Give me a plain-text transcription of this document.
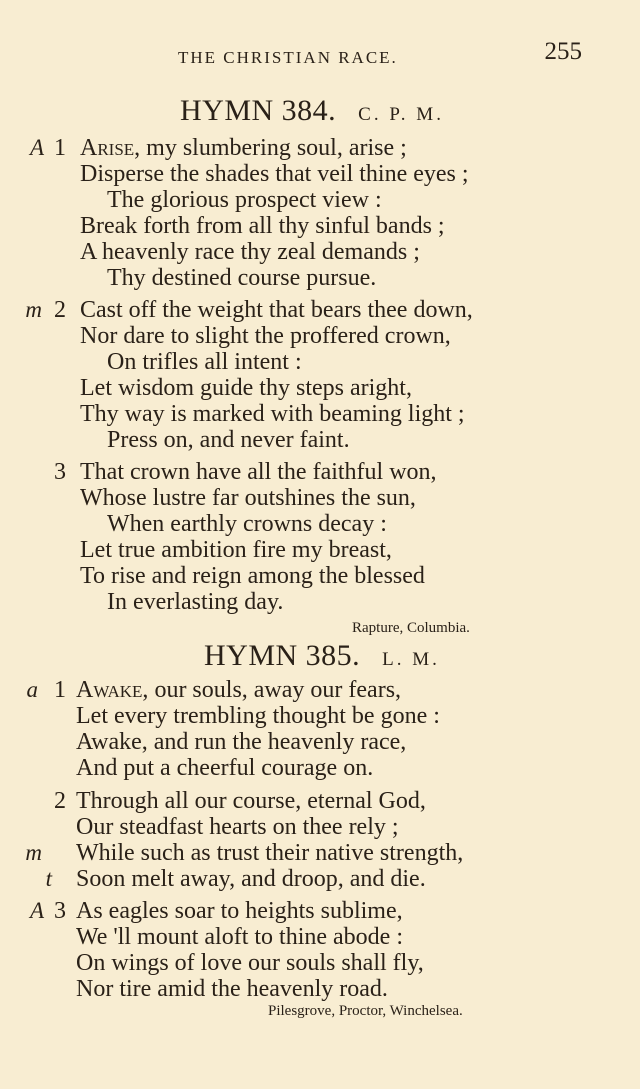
THE CHRISTIAN RACE.	255
HYMN 384. C. P. M.
A 1 Arise, my slumbering soul, arise ;
Disperse the shades that veil thine eyes ;
The glorious prospect view :
Break forth from all thy sinful bands ;
A heavenly race thy zeal demands ;
Thy destined course pursue.
m 2 Cast off the weight that bears thee down,
Nor dare to slight the proffered crown,
On trifles all intent :
Let wisdom guide thy steps aright,
Thy way is marked with beaming light ;
Press on, and never faint.
3 That crown have all the faithful won,
Whose lustre far outshines the sun,
When earthly crowns decay :
Let true ambition fire my breast,
To rise and reign among the blessed
In everlasting day.
Rapture, Columbia.
HYMN 385. L. M.
a 1 Awake, our souls, away our fears,
Let every trembling thought be gone :
Awake, and run the heavenly race,
And put a cheerful courage on.
2 Through all our course, eternal God,
Our steadfast hearts on thee rely ;
m While such as trust their native strength,
t Soon melt away, and droop, and die.
A 3 As eagles soar to heights sublime,
We 'll mount aloft to thine abode :
On wings of love our souls shall fly,
Nor tire amid the heavenly road.
Pilesgrove, Proctor, Winchelsea.
